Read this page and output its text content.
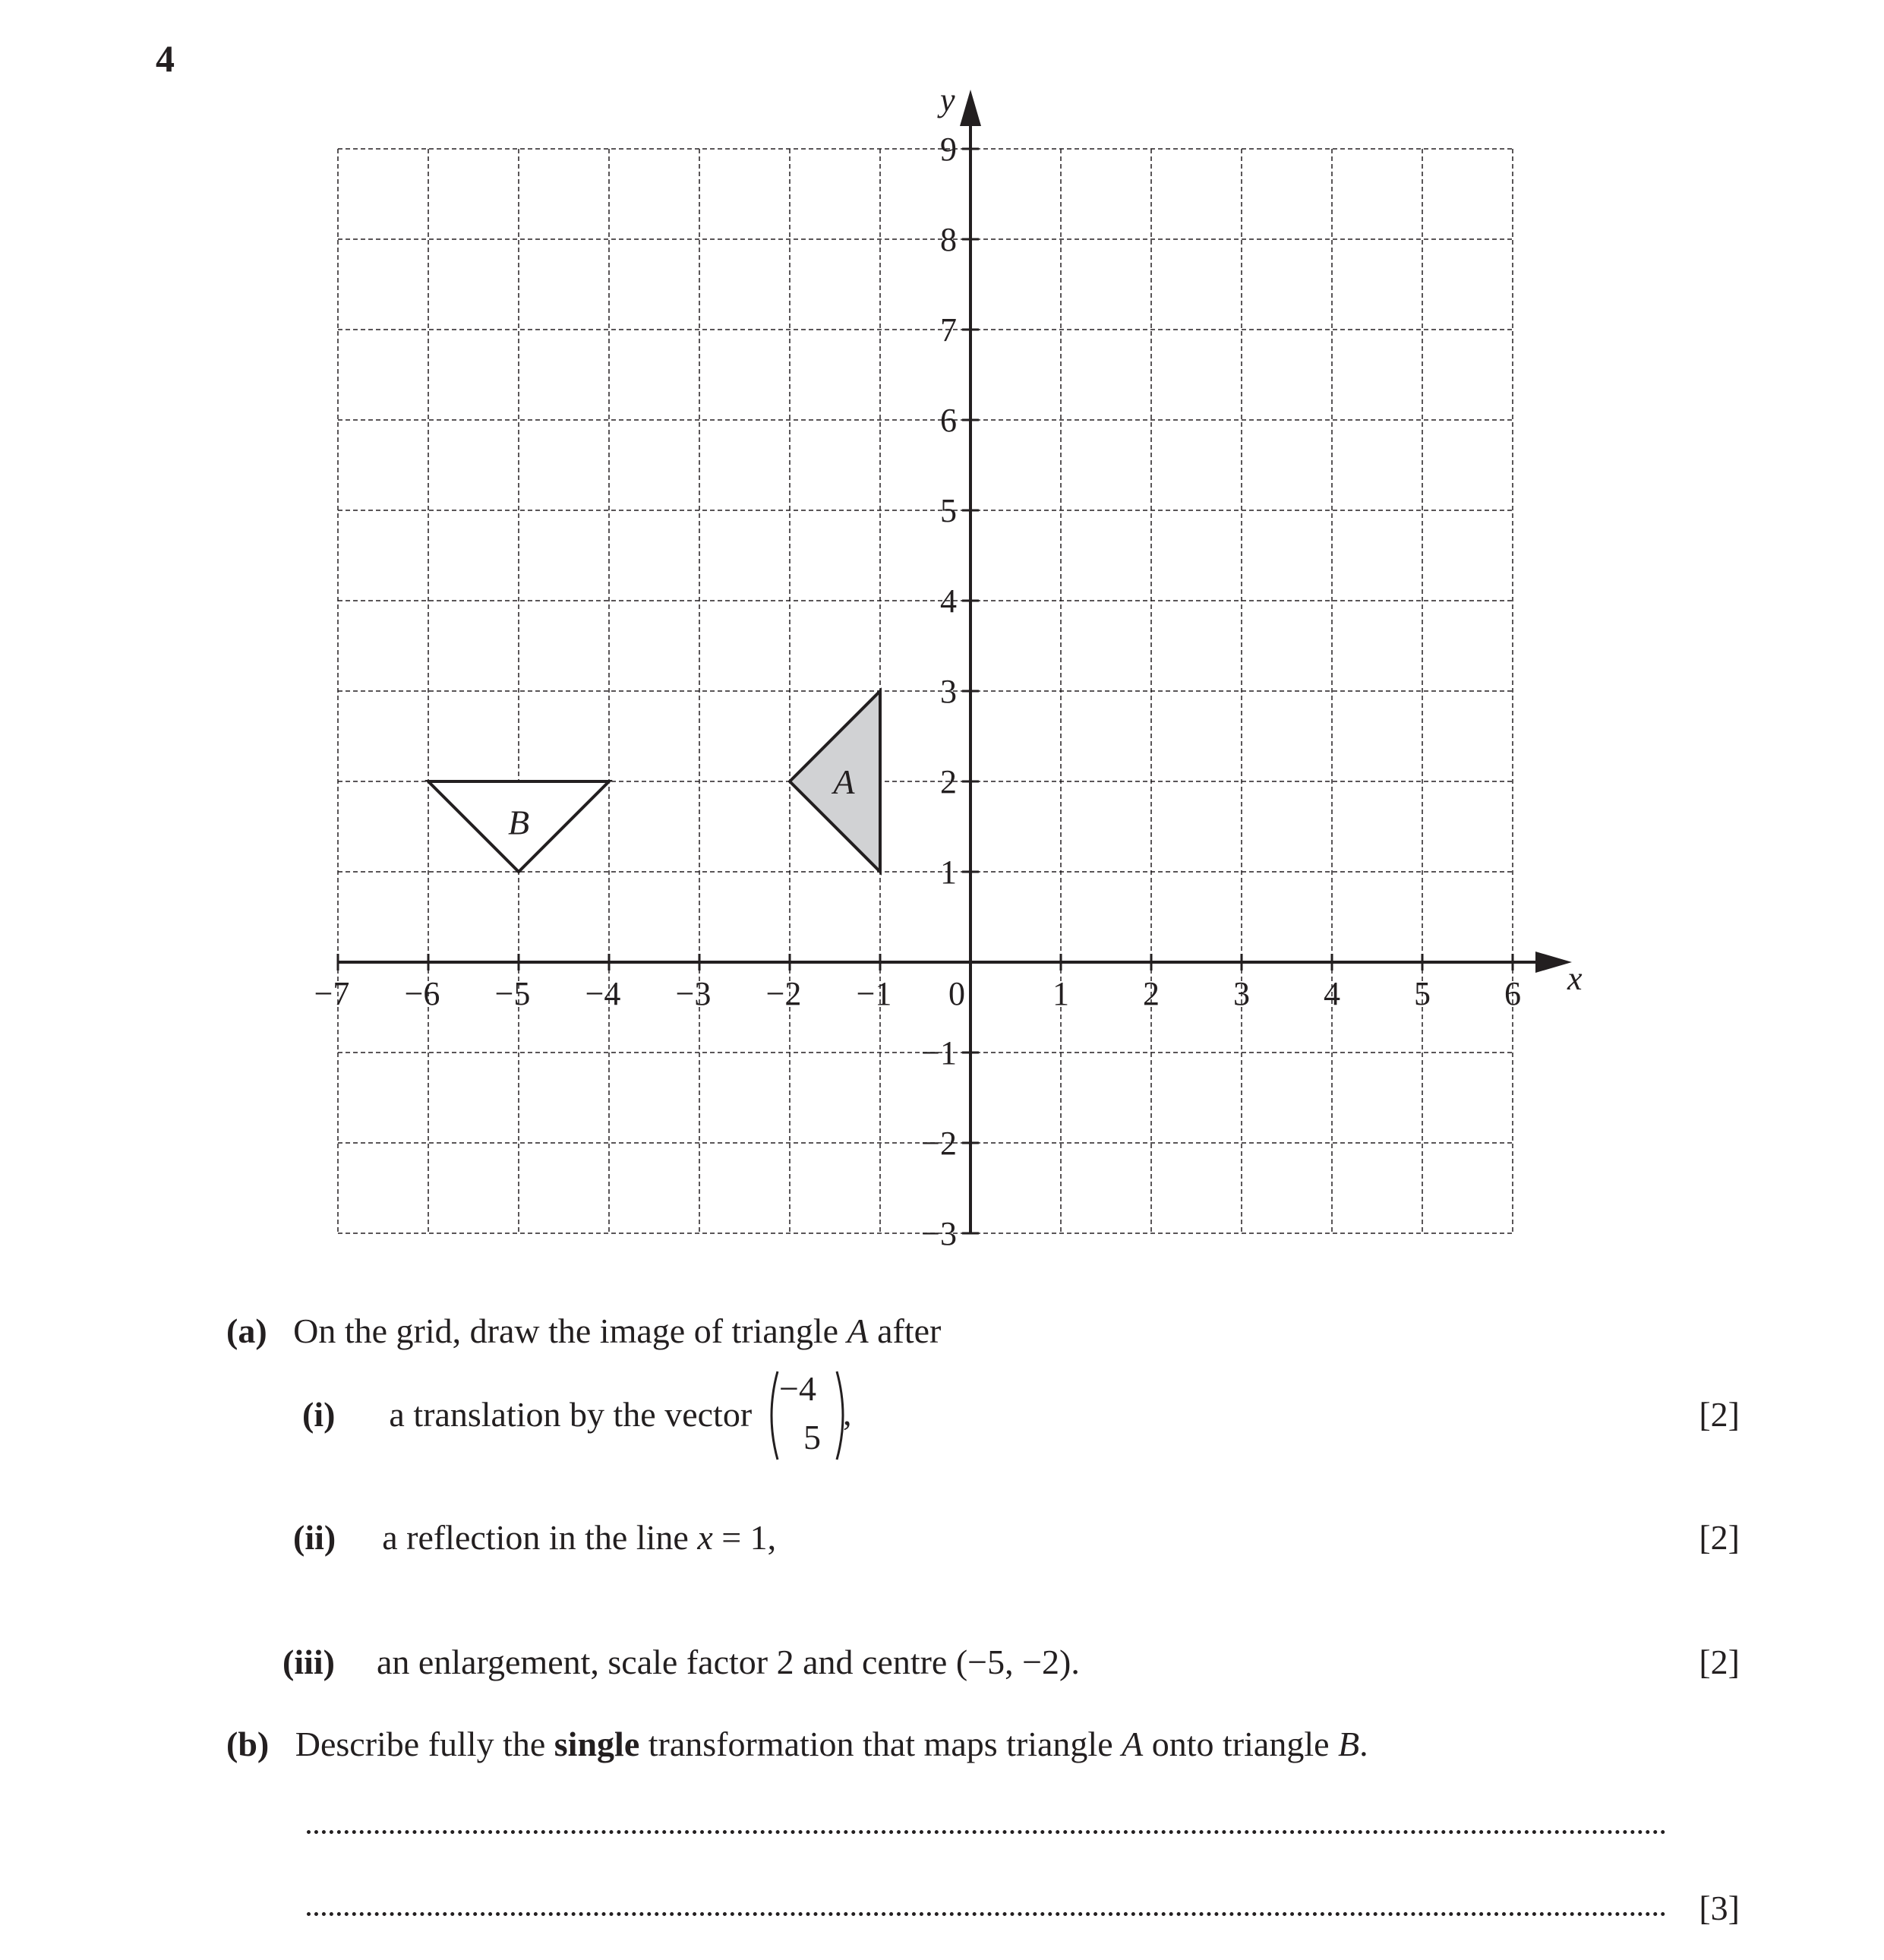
4
A
B
−7 −6 −5 −4 −3 −2 −1 0	1 2 3 4 5 6
9
8
7
6
5
4
3
2
1
−1
−2
−3
x
y
(a) On the grid, draw the image of triangle A after
(i) a translation by the vector
−4
5
,	[2]
(ii) a reflection in the line x = 1,	[2]
(iii) an enlargement, scale factor 2 and centre (−5, −2).	[2]
(b) Describe fully the single transformation that maps triangle A onto triangle B.
[3]
